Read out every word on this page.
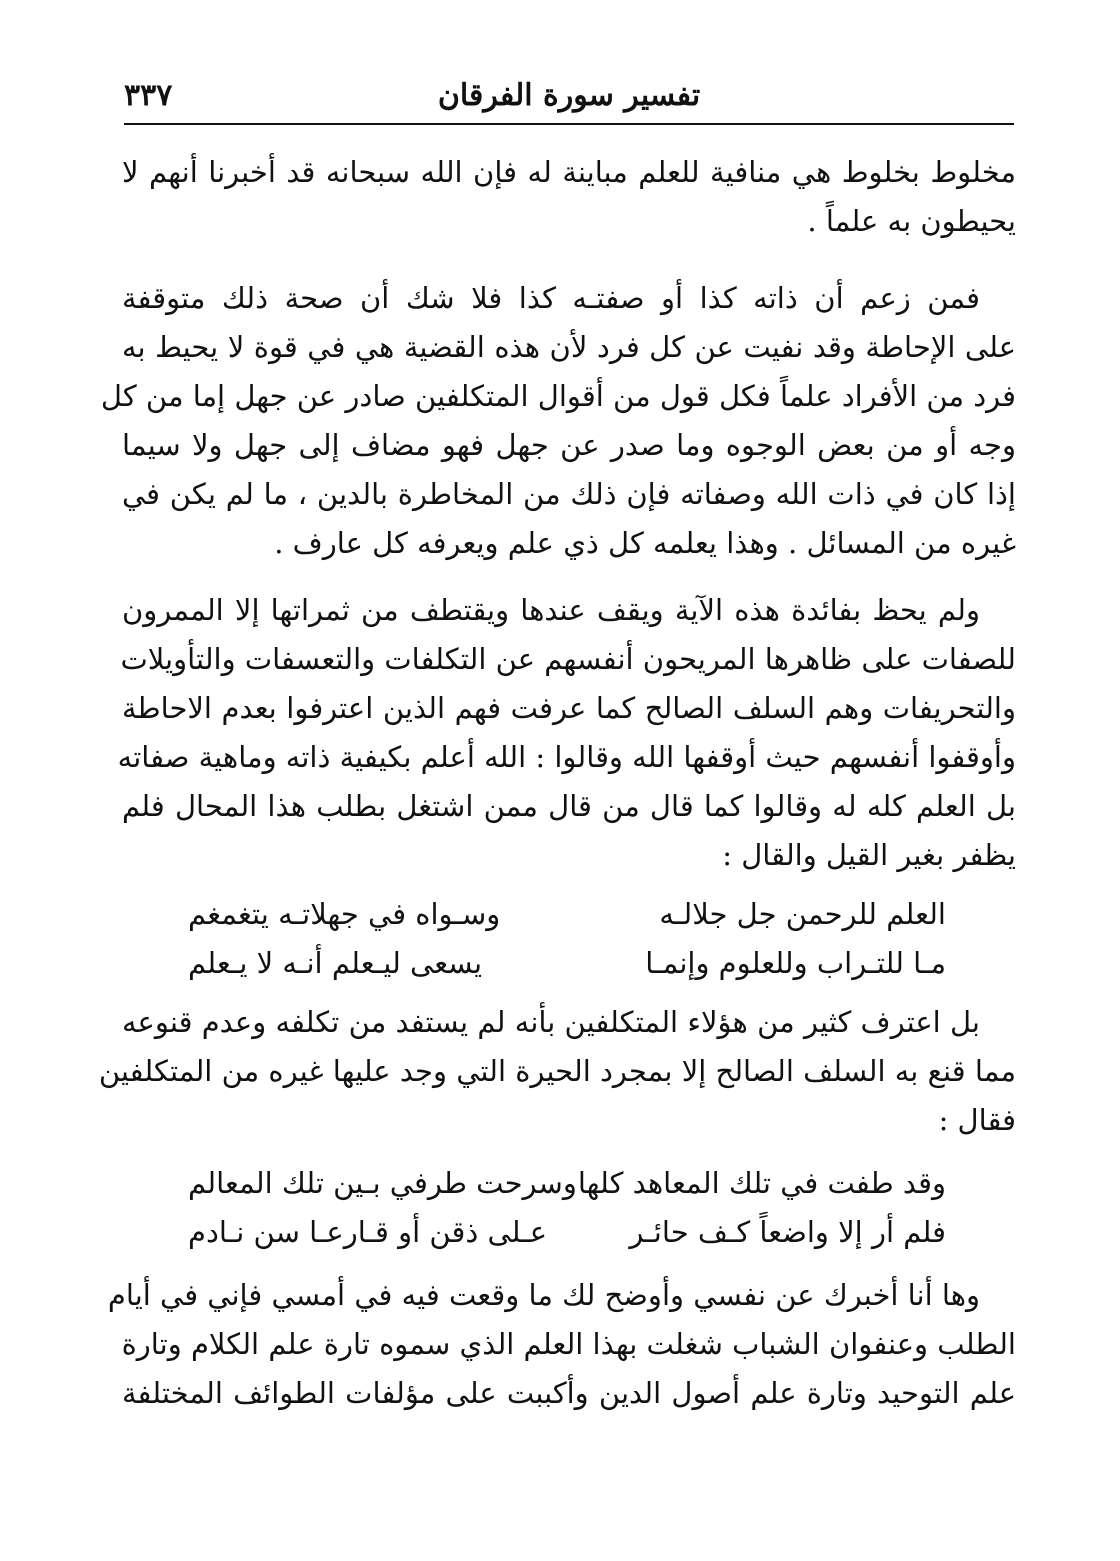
تفسير سورة الفرقان
٣٣٧

مخلوط بخلوط هي منافية للعلم مباينة له فإن الله سبحانه قد أخبرنا أنهم لا
يحيطون به علماً .

فمن زعم أن ذاته كذا أو صفتـه كذا فلا شك أن صحة ذلك متوقفة
على الإحاطة وقد نفيت عن كل فرد لأن هذه القضية هي في قوة لا يحيط به
فرد من الأفراد علماً فكل قول من أقوال المتكلفين صادر عن جهل إما من كل
وجه أو من بعض الوجوه وما صدر عن جهل فهو مضاف إلى جهل ولا سيما
إذا كان في ذات الله وصفاته فإن ذلك من المخاطرة بالدين ، ما لم يكن في
غيره من المسائل . وهذا يعلمه كل ذي علم ويعرفه كل عارف .

ولم يحظ بفائدة هذه الآية ويقف عندها ويقتطف من ثمراتها إلا الممرون
للصفات على ظاهرها المريحون أنفسهم عن التكلفات والتعسفات والتأويلات
والتحريفات وهم السلف الصالح كما عرفت فهم الذين اعترفوا بعدم الاحاطة
وأوقفوا أنفسهم حيث أوقفها الله وقالوا : الله أعلم بكيفية ذاته وماهية صفاته
بل العلم كله له وقالوا كما قال من قال ممن اشتغل بطلب هذا المحال فلم
يظفر بغير القيل والقال :

العلم للرحمن جل جلالـه
وسـواه في جهلاتـه يتغمغم
مـا للتـراب وللعلوم وإنمـا
يسعى ليـعلم أنـه لا يـعلم

بل اعترف كثير من هؤلاء المتكلفين بأنه لم يستفد من تكلفه وعدم قنوعه
مما قنع به السلف الصالح إلا بمجرد الحيرة التي وجد عليها غيره من المتكلفين
فقال :

وقد طفت في تلك المعاهد كلها
وسرحت طرفي بـين تلك المعالم
فلم أر إلا واضعاً كـف حائـر
عـلى ذقن أو قـارعـا سن نـادم

وها أنا أخبرك عن نفسي وأوضح لك ما وقعت فيه في أمسي فإني في أيام
الطلب وعنفوان الشباب شغلت بهذا العلم الذي سموه تارة علم الكلام وتارة
علم التوحيد وتارة علم أصول الدين وأكببت على مؤلفات الطوائف المختلفة
